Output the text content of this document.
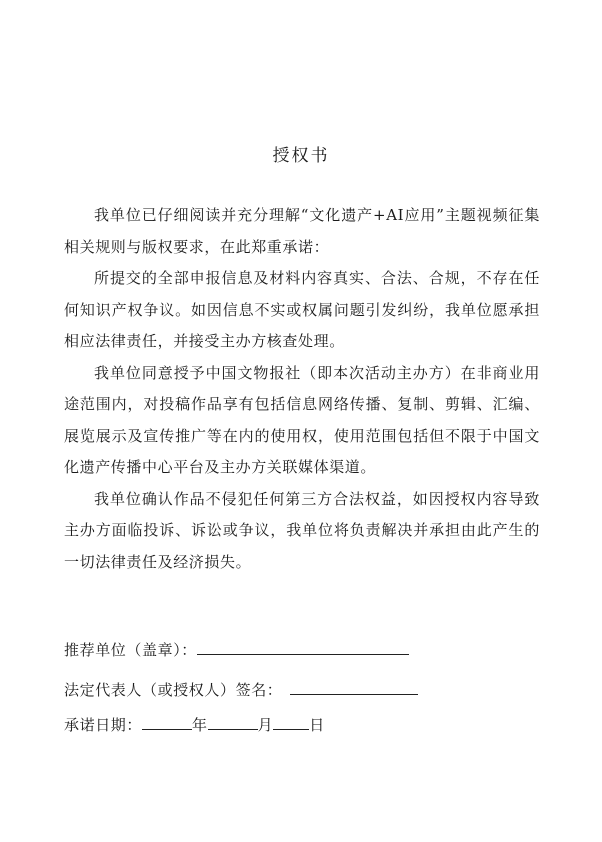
授权书

我单位已仔细阅读并充分理解“文化遗产+AI应用”主题视频征集相关规则与版权要求，在此郑重承诺：

所提交的全部申报信息及材料内容真实、合法、合规，不存在任何知识产权争议。如因信息不实或权属问题引发纠纷，我单位愿承担相应法律责任，并接受主办方核查处理。

我单位同意授予中国文物报社（即本次活动主办方）在非商业用途范围内，对投稿作品享有包括信息网络传播、复制、剪辑、汇编、展览展示及宣传推广等在内的使用权，使用范围包括但不限于中国文化遗产传播中心平台及主办方关联媒体渠道。

我单位确认作品不侵犯任何第三方合法权益，如因授权内容导致主办方面临投诉、诉讼或争议，我单位将负责解决并承担由此产生的一切法律责任及经济损失。

推荐单位（盖章）：
法定代表人（或授权人）签名：
承诺日期：	年	月 日
